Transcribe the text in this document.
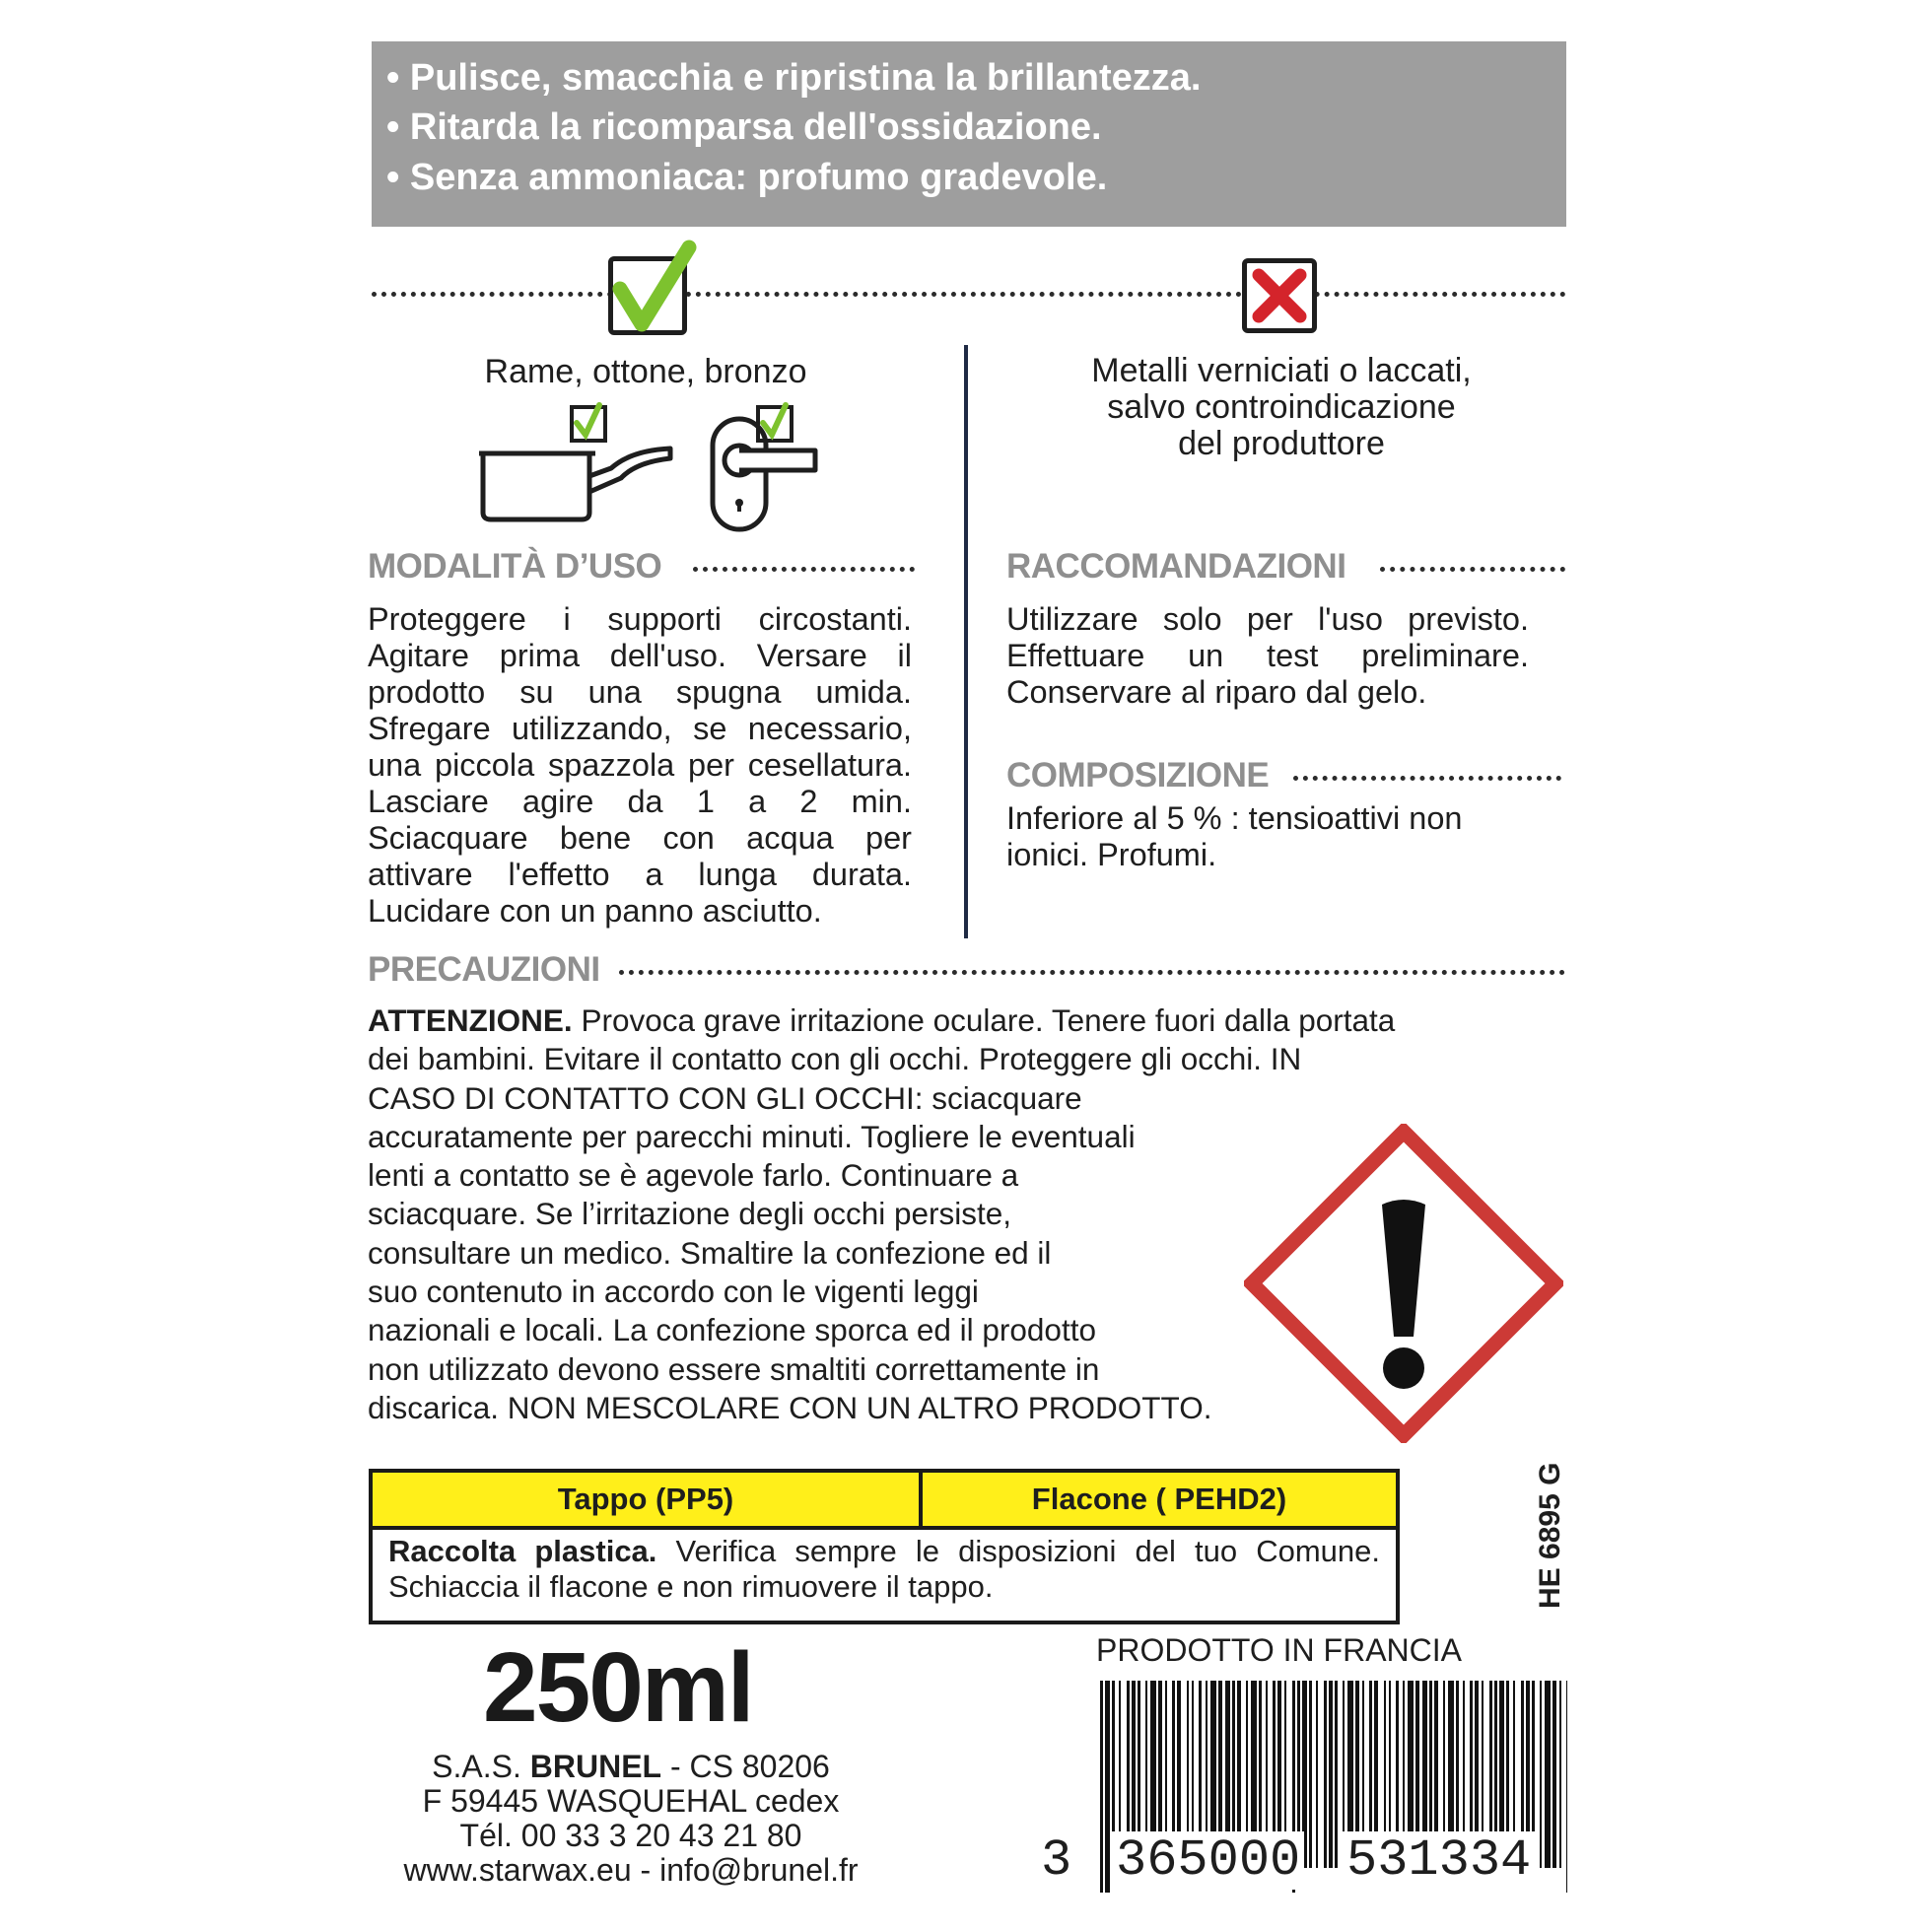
• Pulisce, smacchia e ripristina la brillantezza.
• Ritarda la ricomparsa dell'ossidazione.
• Senza ammoniaca: profumo gradevole.
Rame, ottone, bronzo	Metalli verniciati o laccati,
salvo controindicazione
del produttore
MODALITÀ D’USO
Proteggere i supporti circostanti. Agitare prima dell'uso. Versare il prodotto su una spugna umida. Sfregare utilizzando, se necessario, una piccola spazzola per cesellatura. Lasciare agire da 1 a 2 min. Sciacquare bene con acqua per attivare l'effetto a lunga durata. Lucidare con un panno asciutto.
RACCOMANDAZIONI
Utilizzare solo per l'uso previsto. Effettuare un test preliminare. Conservare al riparo dal gelo.
COMPOSIZIONE
Inferiore al 5 % : tensioattivi non
ionici. Profumi.
PRECAUZIONI
ATTENZIONE. Provoca grave irritazione oculare. Tenere fuori dalla portata
dei bambini. Evitare il contatto con gli occhi. Proteggere gli occhi. IN
CASO DI CONTATTO CON GLI OCCHI: sciacquare
accuratamente per parecchi minuti. Togliere le eventuali
lenti a contatto se è agevole farlo. Continuare a
sciacquare. Se l’irritazione degli occhi persiste,
consultare un medico. Smaltire la confezione ed il
suo contenuto in accordo con le vigenti leggi
nazionali e locali. La confezione sporca ed il prodotto
non utilizzato devono essere smaltiti correttamente in
discarica. NON MESCOLARE CON UN ALTRO PRODOTTO.
Tappo (PP5)	Flacone ( PEHD2)
Raccolta plastica. Verifica sempre le disposizioni del tuo Comune. Schiaccia il flacone e non rimuovere il tappo.
250ml
S.A.S. BRUNEL - CS 80206
F 59445 WASQUEHAL cedex
Tél. 00 33 3 20 43 21 80
www.starwax.eu - info@brunel.fr
PRODOTTO IN FRANCIA
HE 6895 G
3 365000 531334
